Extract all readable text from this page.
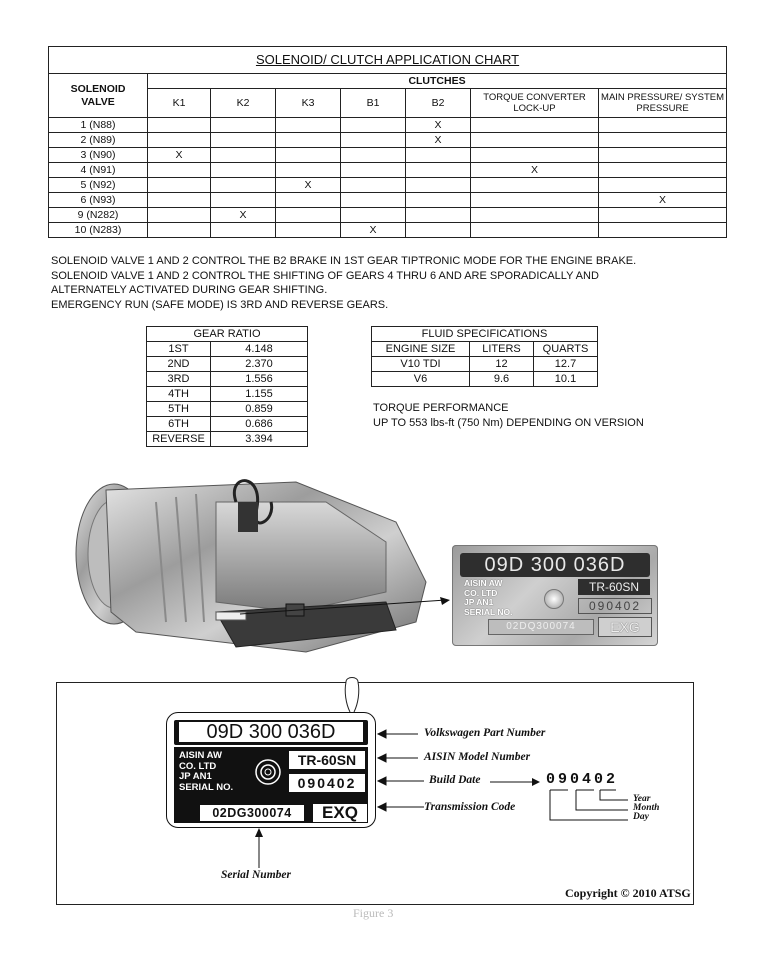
SOLENOID/ CLUTCH APPLICATION CHART							

SOLENOID
VALVE	CLUTCHES						
	K1	K2	K3	B1	B2	TORQUE CONVERTER LOCK-UP	MAIN PRESSURE/ SYSTEM PRESSURE
1 (N88)					X		
2 (N89)					X		
3 (N90)	X						
4 (N91)						X	
5 (N92)			X				
6 (N93)							X
9 (N282)		X					
10 (N283)				X			
SOLENOID VALVE 1 AND 2 CONTROL THE B2 BRAKE IN 1ST GEAR TIPTRONIC MODE FOR THE ENGINE BRAKE.
SOLENOID VALVE 1 AND 2 CONTROL THE SHIFTING OF GEARS 4 THRU 6 AND ARE SPORADICALLY AND
ALTERNATELY ACTIVATED DURING GEAR SHIFTING.
EMERGENCY RUN (SAFE MODE) IS 3RD AND REVERSE GEARS.
GEAR RATIO	
1ST	4.148
2ND	2.370
3RD	1.556
4TH	1.155
5TH	0.859
6TH	0.686
REVERSE	3.394
FLUID SPECIFICATIONS		
ENGINE SIZE	LITERS	QUARTS
V10 TDI	12	12.7
V6	9.6	10.1
TORQUE PERFORMANCE
UP TO 553 lbs-ft (750 Nm) DEPENDING ON VERSION
09D 300 036D
AISIN AW
CO. LTD
JP AN1
SERIAL NO.
TR-60SN
090402
02DQ300074	EXG
09D 300 036D
AISIN AW
CO. LTD
JP AN1
SERIAL NO.
TR-60SN
090402
02DG300074	EXQ
Volkswagen Part Number
AISIN Model Number
Build Date	090402
Year
Month
Day
Transmission Code
Serial Number
Copyright © 2010 ATSG
Figure 3
